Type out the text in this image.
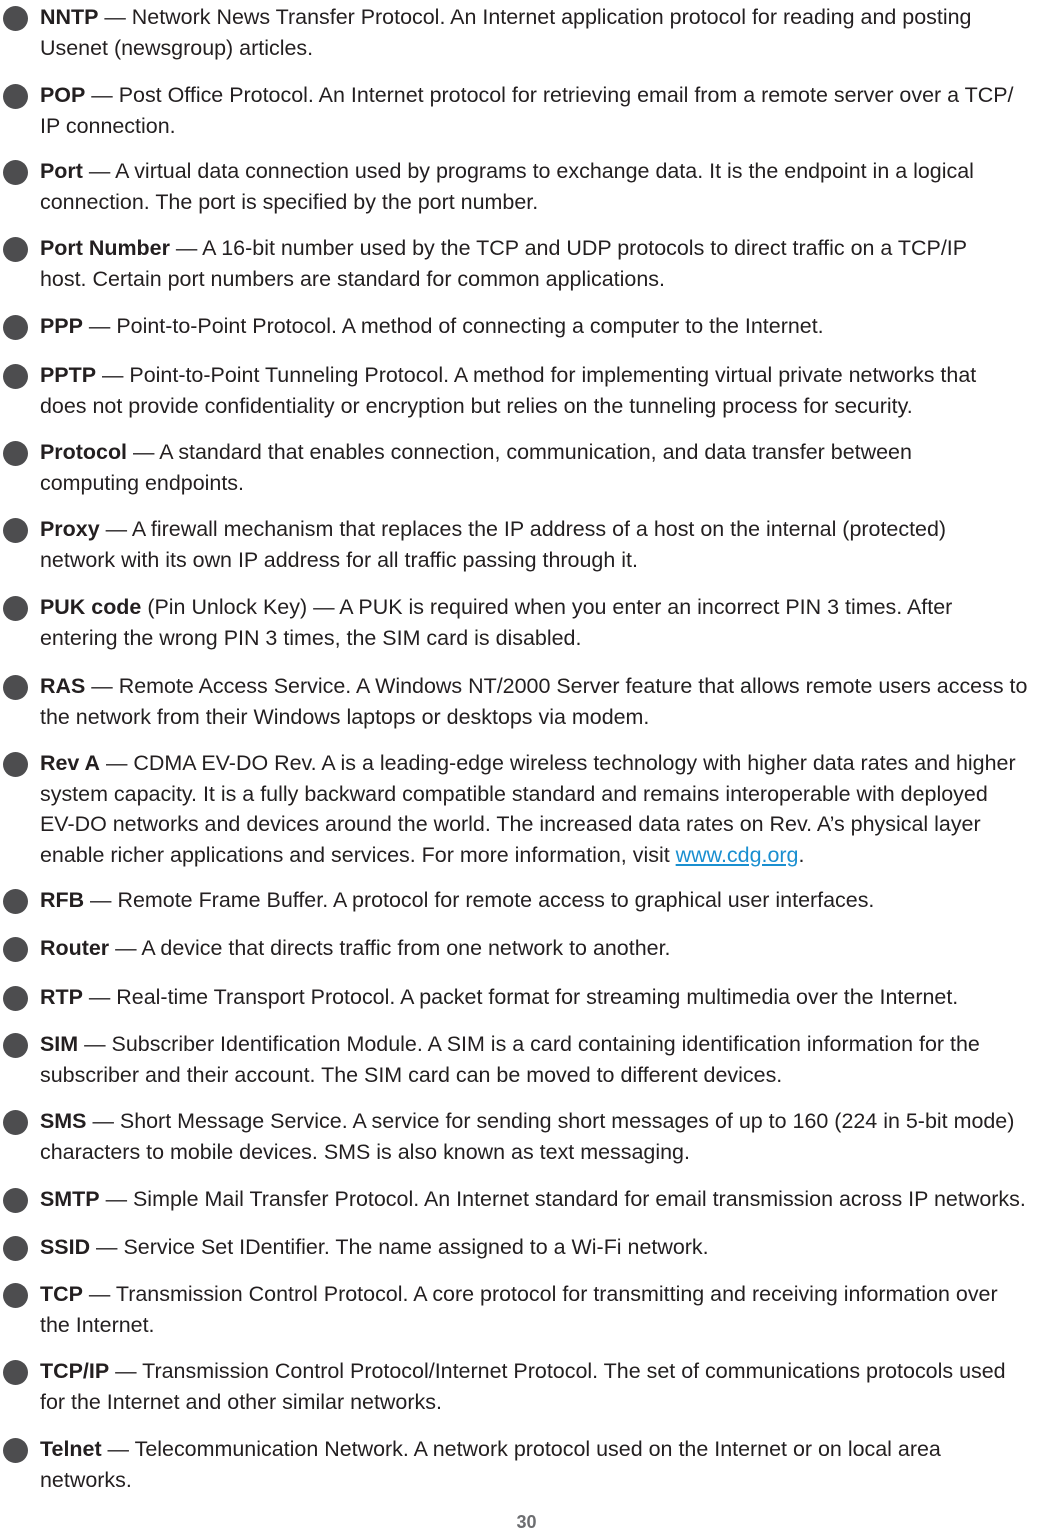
NNTP — Network News Transfer Protocol. An Internet application protocol for reading and posting
Usenet (newsgroup) articles.
POP — Post Office Protocol. An Internet protocol for retrieving email from a remote server over a TCP/
IP connection.
Port — A virtual data connection used by programs to exchange data. It is the endpoint in a logical
connection. The port is specified by the port number.
Port Number — A 16-bit number used by the TCP and UDP protocols to direct traffic on a TCP/IP
host. Certain port numbers are standard for common applications.
PPP — Point-to-Point Protocol. A method of connecting a computer to the Internet.
PPTP — Point-to-Point Tunneling Protocol. A method for implementing virtual private networks that
does not provide confidentiality or encryption but relies on the tunneling process for security.
Protocol — A standard that enables connection, communication, and data transfer between
computing endpoints.
Proxy — A firewall mechanism that replaces the IP address of a host on the internal (protected)
network with its own IP address for all traffic passing through it.
PUK code (Pin Unlock Key) — A PUK is required when you enter an incorrect PIN 3 times. After
entering the wrong PIN 3 times, the SIM card is disabled.
RAS — Remote Access Service. A Windows NT/2000 Server feature that allows remote users access to
the network from their Windows laptops or desktops via modem.
Rev A — CDMA EV-DO Rev. A is a leading-edge wireless technology with higher data rates and higher
system capacity. It is a fully backward compatible standard and remains interoperable with deployed
EV-DO networks and devices around the world. The increased data rates on Rev. A’s physical layer
enable richer applications and services. For more information, visit www.cdg.org.
RFB — Remote Frame Buffer. A protocol for remote access to graphical user interfaces.
Router — A device that directs traffic from one network to another.
RTP — Real-time Transport Protocol. A packet format for streaming multimedia over the Internet.
SIM — Subscriber Identification Module. A SIM is a card containing identification information for the
subscriber and their account. The SIM card can be moved to different devices.
SMS — Short Message Service. A service for sending short messages of up to 160 (224 in 5-bit mode)
characters to mobile devices. SMS is also known as text messaging.
SMTP — Simple Mail Transfer Protocol. An Internet standard for email transmission across IP networks.
SSID — Service Set IDentifier. The name assigned to a Wi-Fi network.
TCP — Transmission Control Protocol. A core protocol for transmitting and receiving information over
the Internet.
TCP/IP — Transmission Control Protocol/Internet Protocol. The set of communications protocols used
for the Internet and other similar networks.
Telnet — Telecommunication Network. A network protocol used on the Internet or on local area
networks.
30
